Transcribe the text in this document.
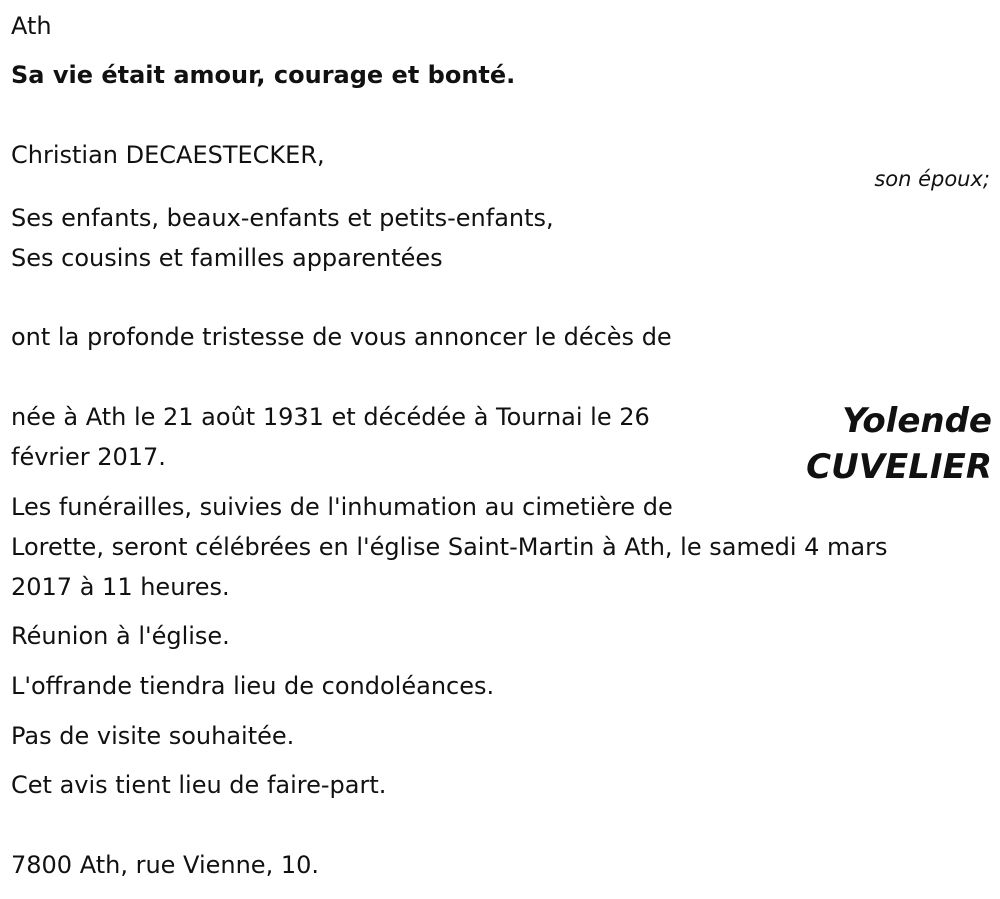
Ath

Sa vie était amour, courage et bonté.

Christian DECAESTECKER,

son époux;

Ses enfants, beaux-enfants et petits-enfants,

Ses cousins et familles apparentées

ont la profonde tristesse de vous annoncer le décès de

née à Ath le 21 août 1931 et décédée à Tournai le 26

février 2017.

Yolende
CUVELIER

Les funérailles, suivies de l'inhumation au cimetière de

Lorette, seront célébrées en l'église Saint-Martin à Ath, le samedi 4 mars

2017 à 11 heures.

Réunion à l'église.

L'offrande tiendra lieu de condoléances.

Pas de visite souhaitée.

Cet avis tient lieu de faire-part.

7800 Ath, rue Vienne, 10.
